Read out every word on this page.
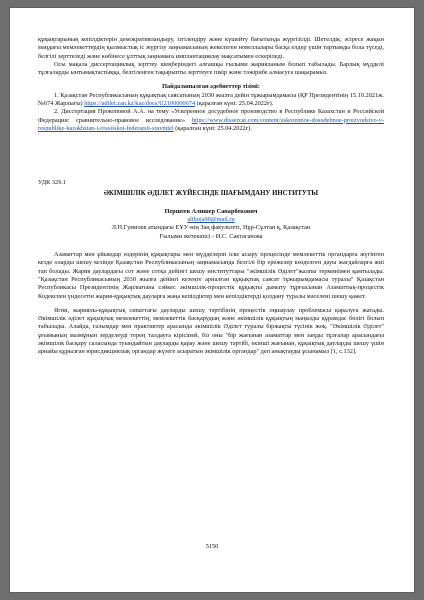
құқықтарының кепілдіктерін демократияландыру, ізгілендіру және күшейту бағытында жүргізілді. Шетелдік, әсіресе жақын маңдағы мемлекеттердің қылмыстық іс жүргізу заңнамасының жекелеген новеллалары басқа елдер үшін тартымды бола түседі, белгілі зерттеледі және көбінесе ұлттық заңнамаға имплантациялау мақсатымен ескеріледі.

Осы мақала диссертациялық зерттеу шеңберіндегі алғашқы ғылыми жарияланым болып табылады. Барлық мүдделі тұлғаларды ынтымақтастыққа, белгіленген тақырыпты зерттеуге пікір және тәжірибе алмасуға шақырамыз.

Пайдаланылған әдебиеттер тізімі:

1. Қазақстан Республикасының құқықтық саясатының 2030 жылға дейін тұжырымдамасы (ҚР Президентінің 15.10.2021ж. №674 Жарлығы) https://adilet.zan.kz/kaz/docs/U2100000674 (қаралған күні: 25.04.2022ғ).

2. Диссертация Прокоповой А.А. на тему «Ускоренное досудебное производство в Республике Казахстан и Российской Федерации: сравнительно-правовое исследование» https://www.dissercat.com/content/uskorennoe-dosudebnoe-proizvodstvo-v-respublike-kazakhstan-i-rossiiskoi-federatsii-sravnitel (қаралған күні: 25.04.2022ғ).

УДК 329.1

ӘКІМШІЛІК ӘДІЛЕТ ЖҮЙЕСІНДЕ ШАҒЫМДАНУ ИНСТИТУТЫ

Першеев Алишер Сапарбекович

alihoja90@mail.ru

Л.Н.Гумилев атындағы ЕҰУ-нің Заң факультеті, Нұр-Сұлтан қ, Қазақстан

Ғылыми жетекшісі - И.С. Сактаганова

Азаматтар мен ұйымдар өздерінің құқықтары мен мүдделерін іске асыру процесінде мемлекеттік органдарға жүгінген кезде оларды шешу кезінде Қазақстан Республикасының заңнамасында белгілі бір ережелер көзделген дауы жағдайларға жиі тап болады. Жария даулардағы сот және сотқа дейінгі шешу институттары "әкімшілік Әділет"жалпы терминімен қамтылады. "Қазақстан Республикасының 2030 жылға дейінгі кезеңге арналған құқықтық саясат тұжырымдамасы туралы" Қазақстан Республикасы Президентінің Жарлығына сәйкес әкімшілік-процестік құқықты дамыту тұрғысынан Азаматтық-процестік Кодекспен үндесетін жария-құқықтық дауларға жаңа кепілдіктер мен кепілдіктерді қолдану туралы мәселені шешу қажет.

Ягни, жариялы-құқықтық сипаттағы дауларды шешу тәртібінің процестік оңшаулау проблемасы қаралуға жатады. Әкімшілік әділет құқықтық мемлекеттің, мемлекеттік басқарудың және әкімшілік құқықтың маңызды құрамдас бөлігі болып табылады. Алайда, ғалымдар мен практиктер арасында әкімшілік Әділет туралы біржақты түсінік жоқ. "Әкімшілік Әділет" ұғымының мазмұнын зерделеуді терең талдауға кірісіпей, біз оны "бір жағынан азаматтар мен заңды тұлғалар арасындағы әкімшілік басқару саласында туындайтын дауларды қарау және шешу тәртібі, екінші жағынан, құқықтық дауларды шешу үшін арнайы құрылған юрисдикциялық органдар жүзеге асыратын әкімшілік органдар" деп анықтауды ұсынамыз [1, с.132].

5150
